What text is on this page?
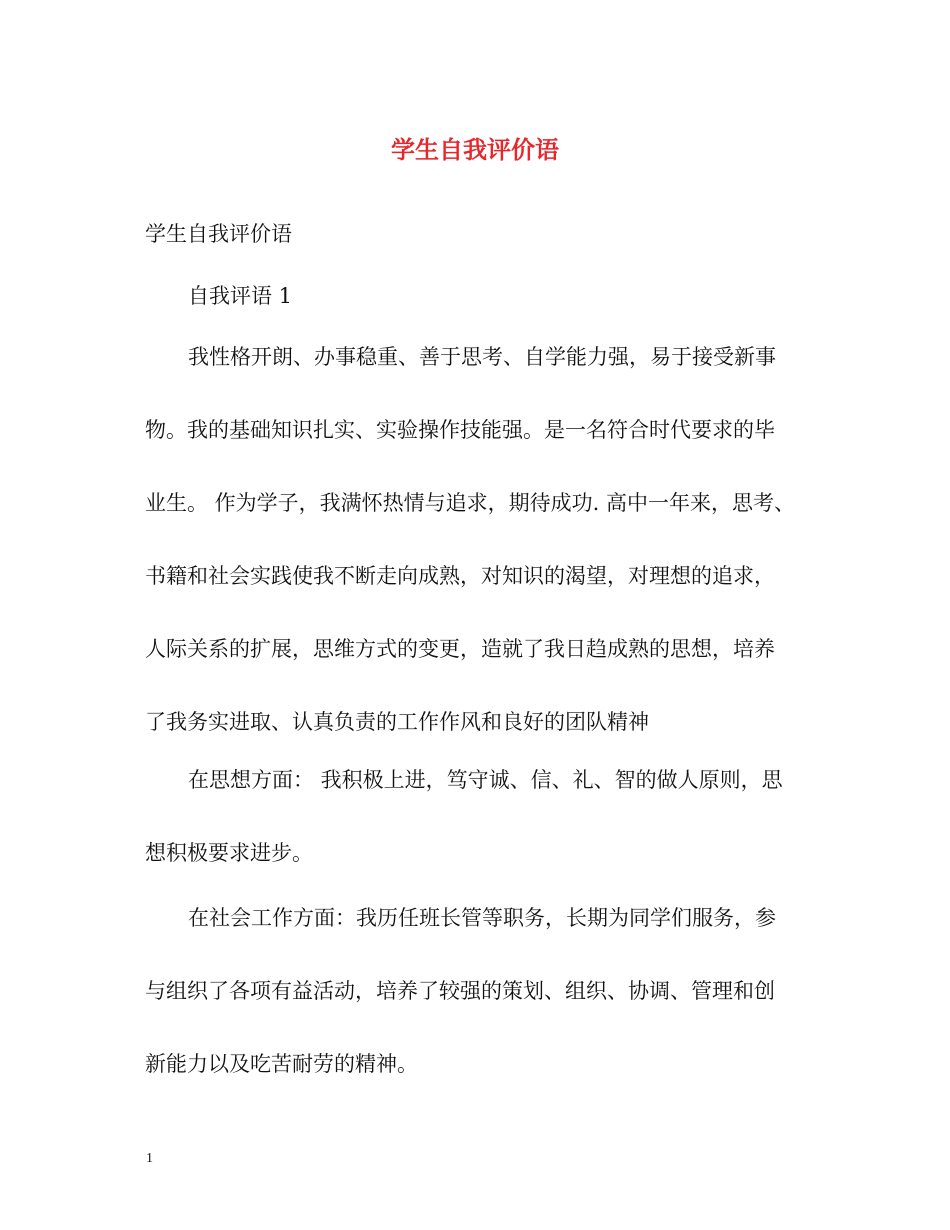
学生自我评价语
学生自我评价语
自我评语 1
我性格开朗、办事稳重、善于思考、自学能力强，易于接受新事
物。我的基础知识扎实、实验操作技能强。是一名符合时代要求的毕
业生。 作为学子，我满怀热情与追求，期待成功. 高中一年来，思考、
书籍和社会实践使我不断走向成熟，对知识的渴望，对理想的追求，
人际关系的扩展，思维方式的变更，造就了我日趋成熟的思想，培养
了我务实进取、认真负责的工作作风和良好的团队精神
在思想方面： 我积极上进，笃守诚、信、礼、智的做人原则，思
想积极要求进步。
在社会工作方面：我历任班长管等职务，长期为同学们服务，参
与组织了各项有益活动，培养了较强的策划、组织、协调、管理和创
新能力以及吃苦耐劳的精神。
1
